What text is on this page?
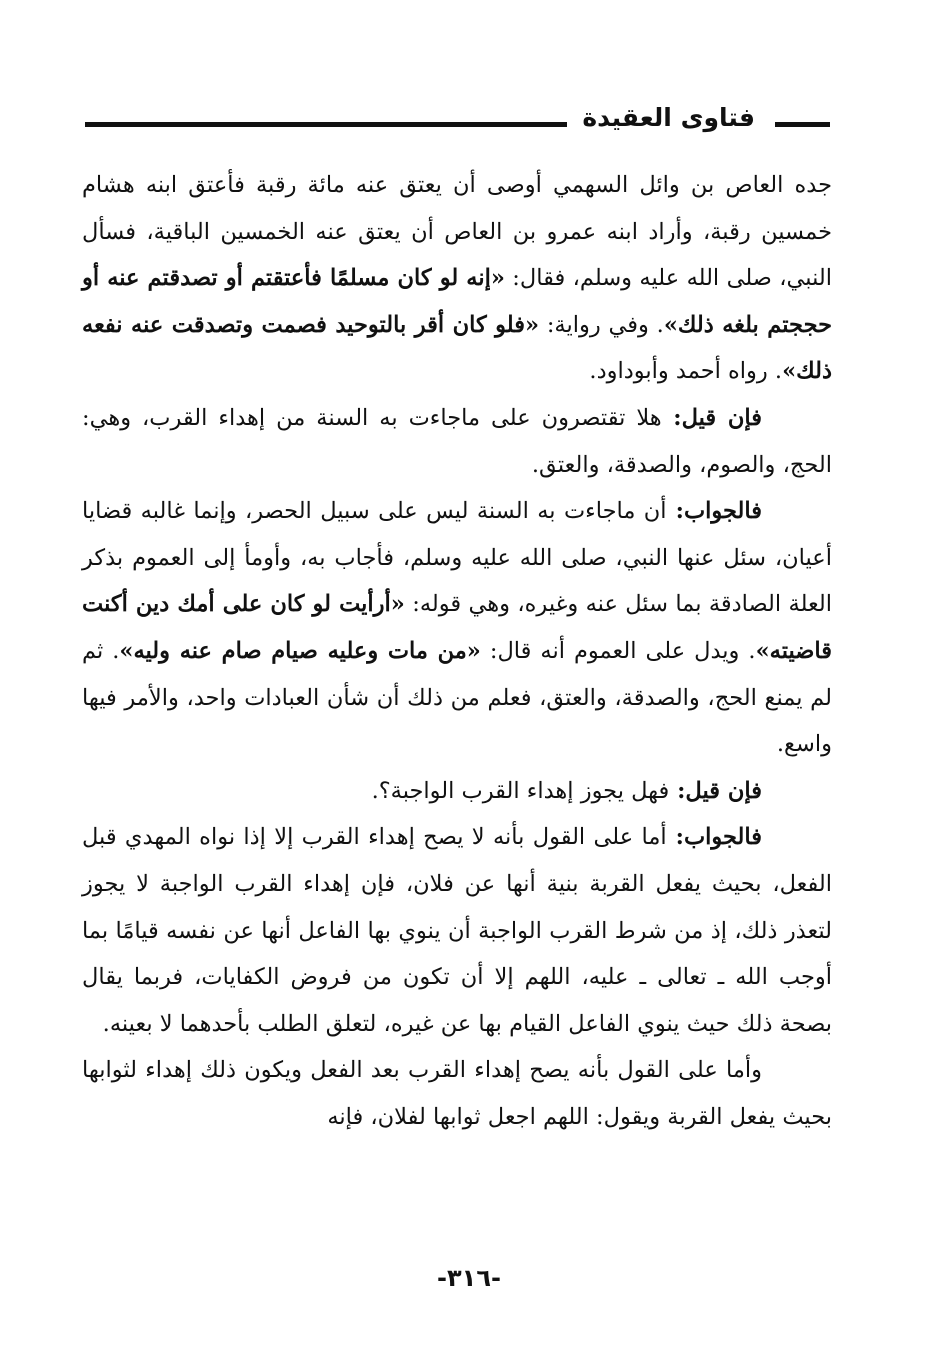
فتاوى العقيدة

جده العاص بن وائل السهمي أوصى أن يعتق عنه مائة رقبة فأعتق ابنه هشام خمسين رقبة، وأراد ابنه عمرو بن العاص أن يعتق عنه الخمسين الباقية، فسأل النبي، صلى الله عليه وسلم، فقال: «إنه لو كان مسلمًا فأعتقتم أو تصدقتم عنه أو حججتم بلغه ذلك». وفي رواية: «فلو كان أقر بالتوحيد فصمت وتصدقت عنه نفعه ذلك». رواه أحمد وأبوداود.

فإن قيل: هلا تقتصرون على ماجاءت به السنة من إهداء القرب، وهي: الحج، والصوم، والصدقة، والعتق.

فالجواب: أن ماجاءت به السنة ليس على سبيل الحصر، وإنما غالبه قضايا أعيان، سئل عنها النبي، صلى الله عليه وسلم، فأجاب به، وأومأ إلى العموم بذكر العلة الصادقة بما سئل عنه وغيره، وهي قوله: «أرأيت لو كان على أمك دين أكنت قاضيته». ويدل على العموم أنه قال: «من مات وعليه صيام صام عنه وليه». ثم لم يمنع الحج، والصدقة، والعتق، فعلم من ذلك أن شأن العبادات واحد، والأمر فيها واسع.

فإن قيل: فهل يجوز إهداء القرب الواجبة؟.

فالجواب: أما على القول بأنه لا يصح إهداء القرب إلا إذا نواه المهدي قبل الفعل، بحيث يفعل القربة بنية أنها عن فلان، فإن إهداء القرب الواجبة لا يجوز لتعذر ذلك، إذ من شرط القرب الواجبة أن ينوي بها الفاعل أنها عن نفسه قيامًا بما أوجب الله ـ تعالى ـ عليه، اللهم إلا أن تكون من فروض الكفايات، فربما يقال بصحة ذلك حيث ينوي الفاعل القيام بها عن غيره، لتعلق الطلب بأحدهما لا بعينه.

وأما على القول بأنه يصح إهداء القرب بعد الفعل ويكون ذلك إهداء لثوابها بحيث يفعل القربة ويقول: اللهم اجعل ثوابها لفلان، فإنه

-٣١٦-
